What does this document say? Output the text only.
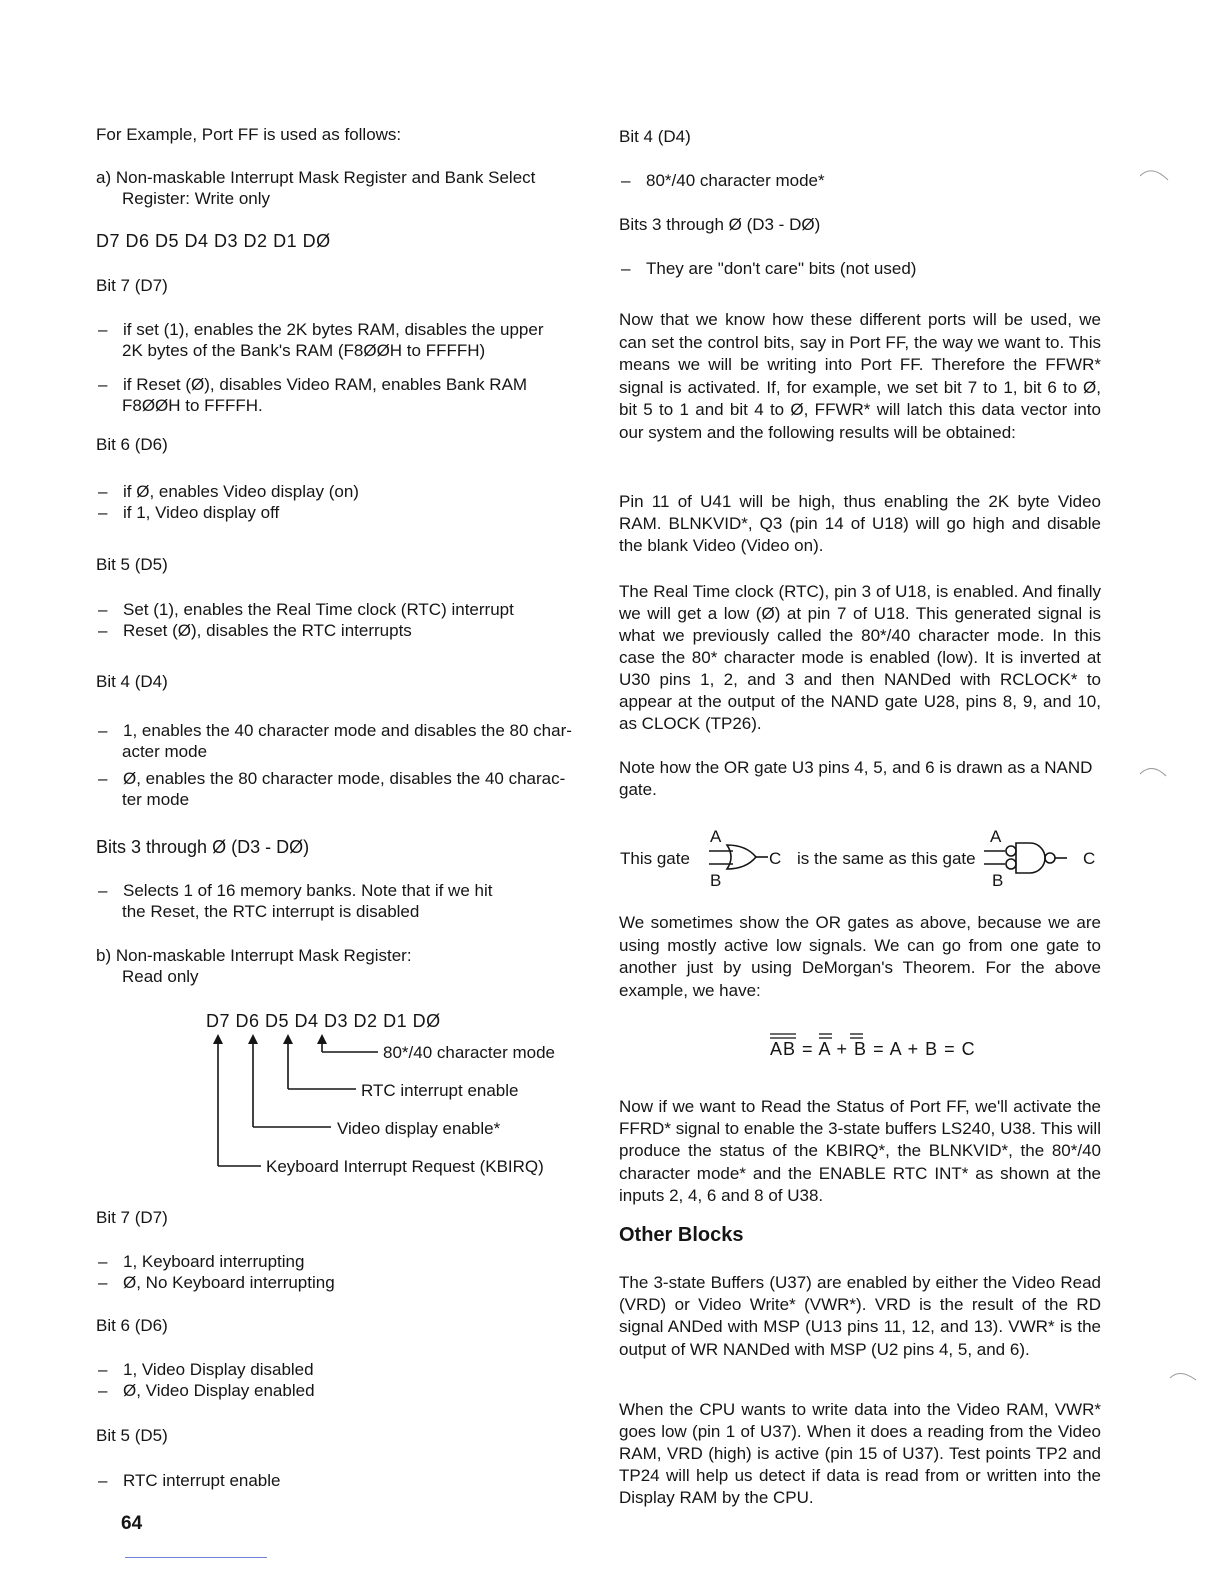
For Example, Port FF is used as follows:

a) Non-maskable Interrupt Mask Register and Bank Select
Register: Write only

D7 D6 D5 D4 D3 D2 D1 DØ

Bit 7 (D7)

– if set (1), enables the 2K bytes RAM, disables the upper
2K bytes of the Bank's RAM (F8ØØH to FFFFH)
– if Reset (Ø), disables Video RAM, enables Bank RAM
F8ØØH to FFFFH.

Bit 6 (D6)

– if Ø, enables Video display (on)
– if 1, Video display off

Bit 5 (D5)

– Set (1), enables the Real Time clock (RTC) interrupt
– Reset (Ø), disables the RTC interrupts

Bit 4 (D4)

– 1, enables the 40 character mode and disables the 80 char-
acter mode
– Ø, enables the 80 character mode, disables the 40 charac-
ter mode

Bits 3 through Ø (D3 - DØ)

– Selects 1 of 16 memory banks. Note that if we hit
the Reset, the RTC interrupt is disabled
b) Non-maskable Interrupt Mask Register:
Read only

Bit 7 (D7)

– 1, Keyboard interrupting
– Ø, No Keyboard interrupting

Bit 6 (D6)

– 1, Video Display disabled
– Ø, Video Display enabled

Bit 5 (D5)

– RTC interrupt enable
D7 D6 D5 D4 D3 D2 D1 DØ
80*/40 character mode
RTC interrupt enable
Video display enable*
Keyboard Interrupt Request (KBIRQ)

Bit 4 (D4)

– 80*/40 character mode*

Bits 3 through Ø (D3 - DØ)

– They are "don't care" bits (not used)

Now that we know how these different ports will be used, we can set the control bits, say in Port FF, the way we want to. This means we will be writing into Port FF. Therefore the FFWR* signal is activated. If, for example, we set bit 7 to 1, bit 6 to Ø, bit 5 to 1 and bit 4 to Ø, FFWR* will latch this data vector into our system and the following results will be obtained:

Pin 11 of U41 will be high, thus enabling the 2K byte Video RAM. BLNKVID*, Q3 (pin 14 of U18) will go high and disable the blank Video (Video on).

The Real Time clock (RTC), pin 3 of U18, is enabled. And finally we will get a low (Ø) at pin 7 of U18. This generated signal is what we previously called the 80*/40 character mode. In this case the 80* character mode is enabled (low). It is inverted at U30 pins 1, 2, and 3 and then NANDed with RCLOCK* to appear at the output of the NAND gate U28, pins 8, 9, and 10, as CLOCK (TP26).

Note how the OR gate U3 pins 4, 5, and 6 is drawn as a NAND gate.

We sometimes show the OR gates as above, because we are using mostly active low signals. We can go from one gate to another just by using DeMorgan's Theorem. For the above example, we have:

Now if we want to Read the Status of Port FF, we'll activate the FFRD* signal to enable the 3-state buffers LS240, U38. This will produce the status of the KBIRQ*, the BLNKVID*, the 80*/40 character mode* and the ENABLE RTC INT* as shown at the inputs 2, 4, 6 and 8 of U38.

Other Blocks

The 3-state Buffers (U37) are enabled by either the Video Read (VRD) or Video Write* (VWR*). VRD is the result of the RD signal ANDed with MSP (U13 pins 11, 12, and 13). VWR* is the output of WR NANDed with MSP (U2 pins 4, 5, and 6).

When the CPU wants to write data into the Video RAM, VWR* goes low (pin 1 of U37). When it does a reading from the Video RAM, VRD (high) is active (pin 15 of U37). Test points TP2 and TP24 will help us detect if data is read from or written into the Display RAM by the CPU.

This gate
A
B
C is the same as this gate
A
B
C
AB = A + B = A + B = C
64
